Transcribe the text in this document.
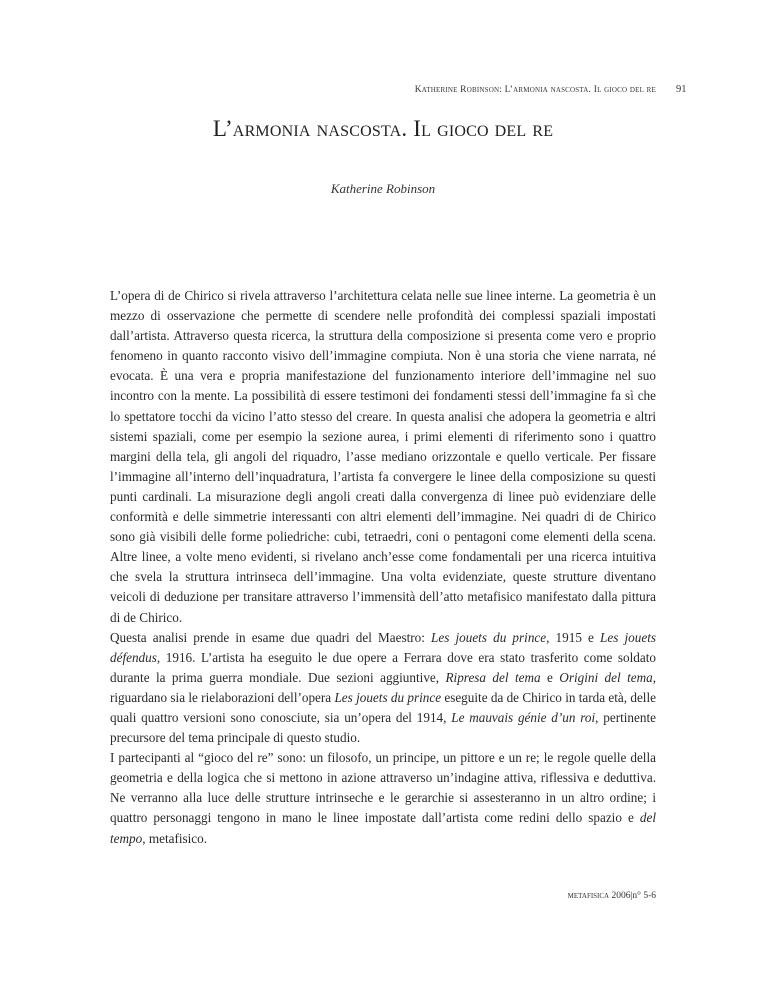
Katherine Robinson: L’armonia nascosta. Il gioco del re 91
L’armonia nascosta. Il gioco del re
Katherine Robinson

L’opera di de Chirico si rivela attraverso l’architettura celata nelle sue linee interne. La geometria è un mezzo di osservazione che permette di scendere nelle profondità dei complessi spaziali impostati dall’artista. Attraverso questa ricerca, la struttura della composizione si presenta come vero e proprio fenomeno in quanto racconto visivo dell’immagine compiuta. Non è una storia che viene narrata, né evocata. È una vera e propria manifestazione del funzionamento interiore dell’immagine nel suo incontro con la mente. La possibilità di essere testimoni dei fondamenti stessi dell’immagine fa sì che lo spettatore tocchi da vicino l’atto stesso del creare. In questa analisi che adopera la geometria e altri sistemi spaziali, come per esempio la sezione aurea, i primi elementi di riferimento sono i quattro margini della tela, gli angoli del riquadro, l’asse mediano orizzontale e quello verticale. Per fissare l’immagine all’interno dell’inquadratura, l’artista fa convergere le linee della composizione su questi punti cardinali. La misurazione degli angoli creati dalla convergenza di linee può evidenziare delle conformità e delle simmetrie interessanti con altri elementi dell’immagine. Nei quadri di de Chirico sono già visibili delle forme poliedriche: cubi, tetraedri, coni o pentagoni come elementi della scena. Altre linee, a volte meno evidenti, si rivelano anch’esse come fondamentali per una ricerca intuitiva che svela la struttura intrinseca dell’immagine. Una volta evidenziate, queste strutture diventano veicoli di deduzione per transitare attraverso l’immensità dell’atto metafisico manifestato dalla pittura di de Chirico.

Questa analisi prende in esame due quadri del Maestro: Les jouets du prince, 1915 e Les jouets défendus, 1916. L’artista ha eseguito le due opere a Ferrara dove era stato trasferito come soldato durante la prima guerra mondiale. Due sezioni aggiuntive, Ripresa del tema e Origini del tema, riguardano sia le rielaborazioni dell’opera Les jouets du prince eseguite da de Chirico in tarda età, delle quali quattro versioni sono conosciute, sia un’opera del 1914, Le mauvais génie d’un roi, pertinente precursore del tema principale di questo studio.

I partecipanti al “gioco del re” sono: un filosofo, un principe, un pittore e un re; le regole quelle della geometria e della logica che si mettono in azione attraverso un’indagine attiva, riflessiva e deduttiva. Ne verranno alla luce delle strutture intrinseche e le gerarchie si assesteranno in un altro ordine; i quattro personaggi tengono in mano le linee impostate dall’artista come redini dello spazio e del tempo, metafisico.

metafisica 2006|n° 5-6
